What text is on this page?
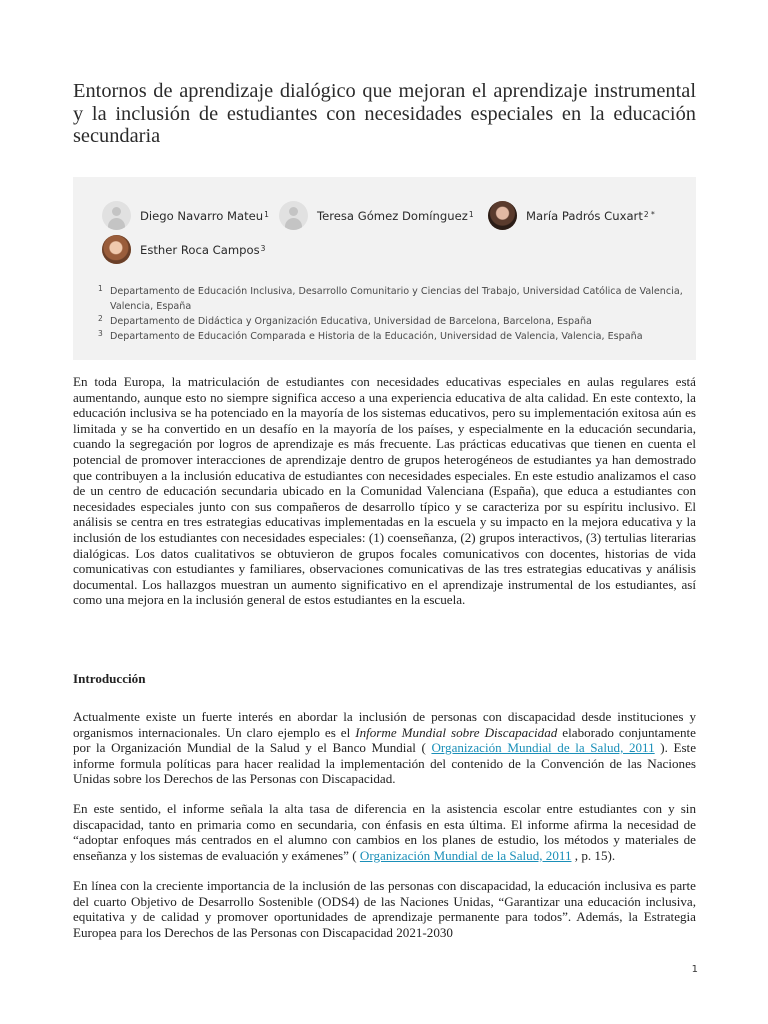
Entornos de aprendizaje dialógico que mejoran el aprendizaje instrumental y la inclusión de estudiantes con necesidades especiales en la educación secundaria
Diego Navarro Mateu$^1$	Teresa Gómez Domínguez$^1$	María Padrós Cuxart$^{2 *}$
Esther Roca Campos$^3$
1 Departamento de Educación Inclusiva, Desarrollo Comunitario y Ciencias del Trabajo, Universidad Católica de Valencia, Valencia, España
2 Departamento de Didáctica y Organización Educativa, Universidad de Barcelona, Barcelona, España
3 Departamento de Educación Comparada e Historia de la Educación, Universidad de Valencia, Valencia, España

En toda Europa, la matriculación de estudiantes con necesidades educativas especiales en aulas regulares está aumentando, aunque esto no siempre significa acceso a una experiencia educativa de alta calidad. En este contexto, la educación inclusiva se ha potenciado en la mayoría de los sistemas educativos, pero su implementación exitosa aún es limitada y se ha convertido en un desafío en la mayoría de los países, y especialmente en la educación secundaria, cuando la segregación por logros de aprendizaje es más frecuente. Las prácticas educativas que tienen en cuenta el potencial de promover interacciones de aprendizaje dentro de grupos heterogéneos de estudiantes ya han demostrado que contribuyen a la inclusión educativa de estudiantes con necesidades especiales. En este estudio analizamos el caso de un centro de educación secundaria ubicado en la Comunidad Valenciana (España), que educa a estudiantes con necesidades especiales junto con sus compañeros de desarrollo típico y se caracteriza por su espíritu inclusivo. El análisis se centra en tres estrategias educativas implementadas en la escuela y su impacto en la mejora educativa y la inclusión de los estudiantes con necesidades especiales: (1) coenseñanza, (2) grupos interactivos, (3) tertulias literarias dialógicas. Los datos cualitativos se obtuvieron de grupos focales comunicativos con docentes, historias de vida comunicativas con estudiantes y familiares, observaciones comunicativas de las tres estrategias educativas y análisis documental. Los hallazgos muestran un aumento significativo en el aprendizaje instrumental de los estudiantes, así como una mejora en la inclusión general de estos estudiantes en la escuela.

Introducción

Actualmente existe un fuerte interés en abordar la inclusión de personas con discapacidad desde instituciones y organismos internacionales. Un claro ejemplo es el Informe Mundial sobre Discapacidad elaborado conjuntamente por la Organización Mundial de la Salud y el Banco Mundial ( Organización Mundial de la Salud, 2011 ). Este informe formula políticas para hacer realidad la implementación del contenido de la Convención de las Naciones Unidas sobre los Derechos de las Personas con Discapacidad.

En este sentido, el informe señala la alta tasa de diferencia en la asistencia escolar entre estudiantes con y sin discapacidad, tanto en primaria como en secundaria, con énfasis en esta última. El informe afirma la necesidad de “adoptar enfoques más centrados en el alumno con cambios en los planes de estudio, los métodos y materiales de enseñanza y los sistemas de evaluación y exámenes” ( Organización Mundial de la Salud, 2011 , p. 15).

En línea con la creciente importancia de la inclusión de las personas con discapacidad, la educación inclusiva es parte del cuarto Objetivo de Desarrollo Sostenible (ODS4) de las Naciones Unidas, “Garantizar una educación inclusiva, equitativa y de calidad y promover oportunidades de aprendizaje permanente para todos”. Además, la Estrategia Europea para los Derechos de las Personas con Discapacidad 2021-2030

1
